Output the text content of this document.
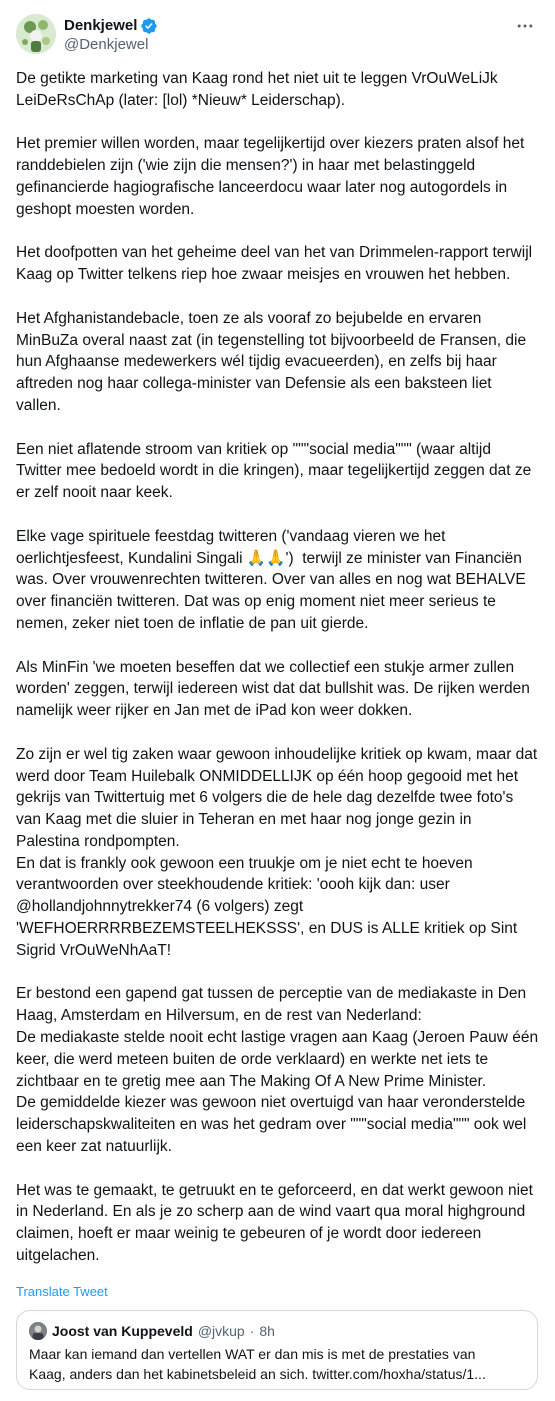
Denkjewel
@Denkjewel

De getikte marketing van Kaag rond het niet uit te leggen VrOuWeLiJk LeiDeRsChAp (later: [lol) *Nieuw* Leiderschap).

Het premier willen worden, maar tegelijkertijd over kiezers praten alsof het randdebielen zijn ('wie zijn die mensen?') in haar met belastinggeld gefinancierde hagiografische lanceerdocu waar later nog autogordels in geshopt moesten worden.

Het doofpotten van het geheime deel van het van Drimmelen-rapport terwijl Kaag op Twitter telkens riep hoe zwaar meisjes en vrouwen het hebben.

Het Afghanistandebacle, toen ze als vooraf zo bejubelde en ervaren MinBuZa overal naast zat (in tegenstelling tot bijvoorbeeld de Fransen, die hun Afghaanse medewerkers wél tijdig evacueerden), en zelfs bij haar aftreden nog haar collega-minister van Defensie als een baksteen liet vallen.

Een niet aflatende stroom van kritiek op """social media""" (waar altijd Twitter mee bedoeld wordt in die kringen), maar tegelijkertijd zeggen dat ze er zelf nooit naar keek.

Elke vage spirituele feestdag twitteren ('vandaag vieren we het oerlichtjesfeest, Kundalini Singali 🙏🙏')  terwijl ze minister van Financiën was. Over vrouwenrechten twitteren. Over van alles en nog wat BEHALVE over financiën twitteren. Dat was op enig moment niet meer serieus te nemen, zeker niet toen de inflatie de pan uit gierde.

Als MinFin 'we moeten beseffen dat we collectief een stukje armer zullen worden' zeggen, terwijl iedereen wist dat dat bullshit was. De rijken werden namelijk weer rijker en Jan met de iPad kon weer dokken.

Zo zijn er wel tig zaken waar gewoon inhoudelijke kritiek op kwam, maar dat werd door Team Huilebalk ONMIDDELLIJK op één hoop gegooid met het gekrijs van Twittertuig met 6 volgers die de hele dag dezelfde twee foto's van Kaag met die sluier in Teheran en met haar nog jonge gezin in Palestina rondpompten.
En dat is frankly ook gewoon een truukje om je niet echt te hoeven verantwoorden over steekhoudende kritiek: 'oooh kijk dan: user @hollandjohnnytrekker74 (6 volgers) zegt 'WEFHOERRRRBEZEMSTEELHEKSSS', en DUS is ALLE kritiek op Sint Sigrid VrOuWeNhAaT!

Er bestond een gapend gat tussen de perceptie van de mediakaste in Den Haag, Amsterdam en Hilversum, en de rest van Nederland:
De mediakaste stelde nooit echt lastige vragen aan Kaag (Jeroen Pauw één keer, die werd meteen buiten de orde verklaard) en werkte net iets te zichtbaar en te gretig mee aan The Making Of A New Prime Minister.
De gemiddelde kiezer was gewoon niet overtuigd van haar veronderstelde leiderschapskwaliteiten en was het gedram over """social media""" ook wel een keer zat natuurlijk.

Het was te gemaakt, te getruukt en te geforceerd, en dat werkt gewoon niet in Nederland. En als je zo scherp aan de wind vaart qua moral highground claimen, hoeft er maar weinig te gebeuren of je wordt door iedereen uitgelachen.

Translate Tweet
Joost van Kuppeveld @jvkup · 8h
Maar kan iemand dan vertellen WAT er dan mis is met de prestaties van
Kaag, anders dan het kabinetsbeleid an sich. twitter.com/hoxha/status/1...
